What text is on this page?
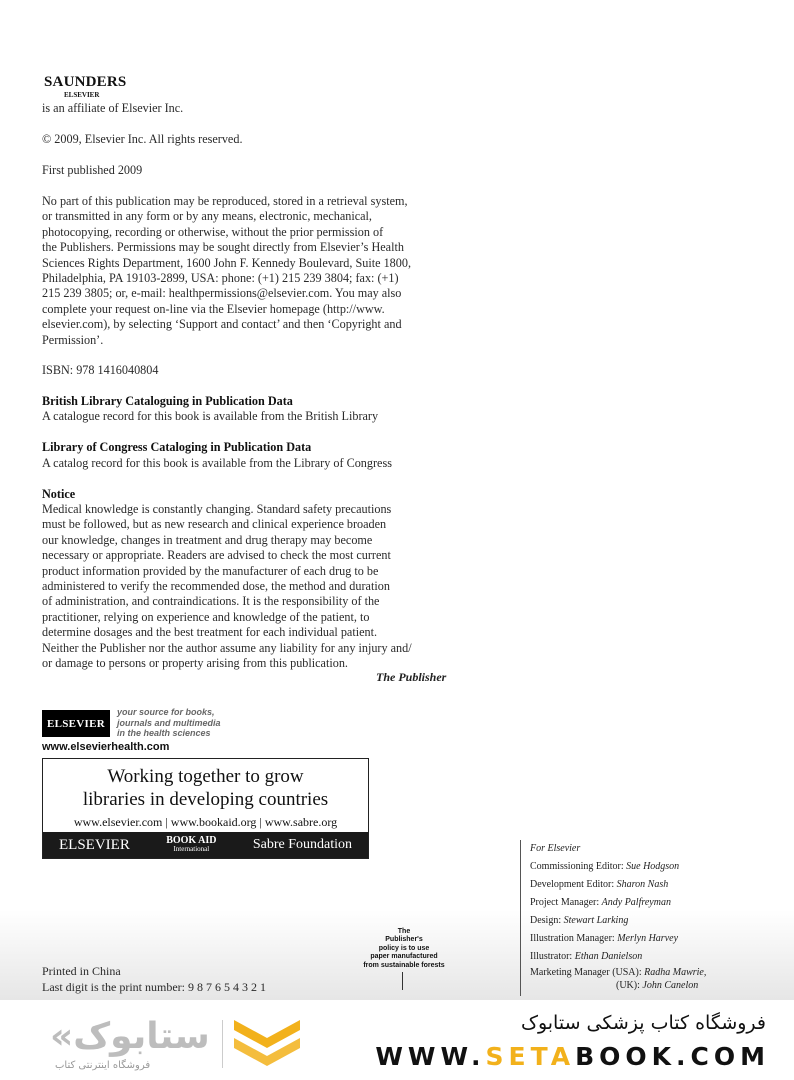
SAUNDERS
ELSEVIER
is an affiliate of Elsevier Inc.
© 2009, Elsevier Inc. All rights reserved.
First published 2009
No part of this publication may be reproduced, stored in a retrieval system,
or transmitted in any form or by any means, electronic, mechanical,
photocopying, recording or otherwise, without the prior permission of
the Publishers. Permissions may be sought directly from Elsevier’s Health
Sciences Rights Department, 1600 John F. Kennedy Boulevard, Suite 1800,
Philadelphia, PA 19103-2899, USA: phone: (+1) 215 239 3804; fax: (+1)
215 239 3805; or, e-mail: healthpermissions@elsevier.com. You may also
complete your request on-line via the Elsevier homepage (http://www.
elsevier.com), by selecting ‘Support and contact’ and then ‘Copyright and
Permission’.
ISBN: 978 1416040804
British Library Cataloguing in Publication Data
A catalogue record for this book is available from the British Library
Library of Congress Cataloging in Publication Data
A catalog record for this book is available from the Library of Congress
Notice
Medical knowledge is constantly changing. Standard safety precautions
must be followed, but as new research and clinical experience broaden
our knowledge, changes in treatment and drug therapy may become
necessary or appropriate. Readers are advised to check the most current
product information provided by the manufacturer of each drug to be
administered to verify the recommended dose, the method and duration
of administration, and contraindications. It is the responsibility of the
practitioner, relying on experience and knowledge of the patient, to
determine dosages and the best treatment for each individual patient.
Neither the Publisher nor the author assume any liability for any injury and/
or damage to persons or property arising from this publication.
The Publisher
ELSEVIER
your source for books,
journals and multimedia
in the health sciences
www.elsevierhealth.com
Working together to grow
libraries in developing countries
www.elsevier.com | www.bookaid.org | www.sabre.org
ELSEVIER	BOOK AID
International	Sabre Foundation	For Elsevier
Commissioning Editor: Sue Hodgson
Development Editor: Sharon Nash
Project Manager: Andy Palfreyman
Design: Stewart Larking
Illustration Manager: Merlyn Harvey
Illustrator: Ethan Danielson
Marketing Manager (USA): Radha Mawrie,
(UK): John Canelon
The
Publisher's
policy is to use
paper manufactured
from sustainable forests
Printed in China
Last digit is the print number: 9 8 7 6 5 4 3 2 1
«ستابوک
فروشگاه اینترنتی کتاب
فروشگاه کتاب پزشکی ستابوک
WWW.SETABOOK.COM
